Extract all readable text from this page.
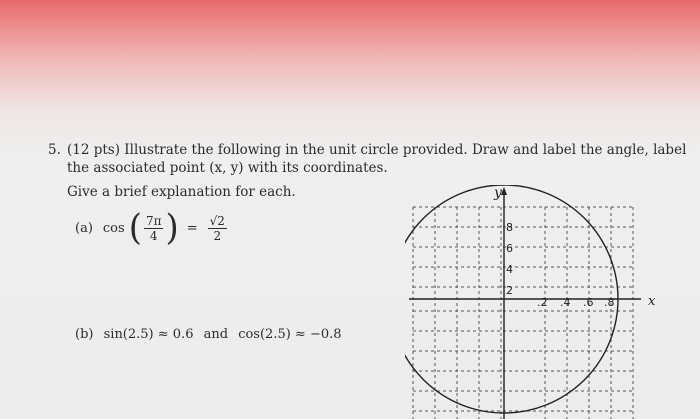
5. (12 pts) Illustrate the following in the unit circle provided. Draw and label the angle, label
the associated point (x, y) with its coordinates.
Give a brief explanation for each.
(a) cos ( $\frac{7\pi}{4}$ ) = $\frac{√2}{2}$
(b) sin(2.5) ≈ 0.6 and cos(2.5) ≈ −0.8
y
x
8
6
4
2
.2 .4 .6 .8
